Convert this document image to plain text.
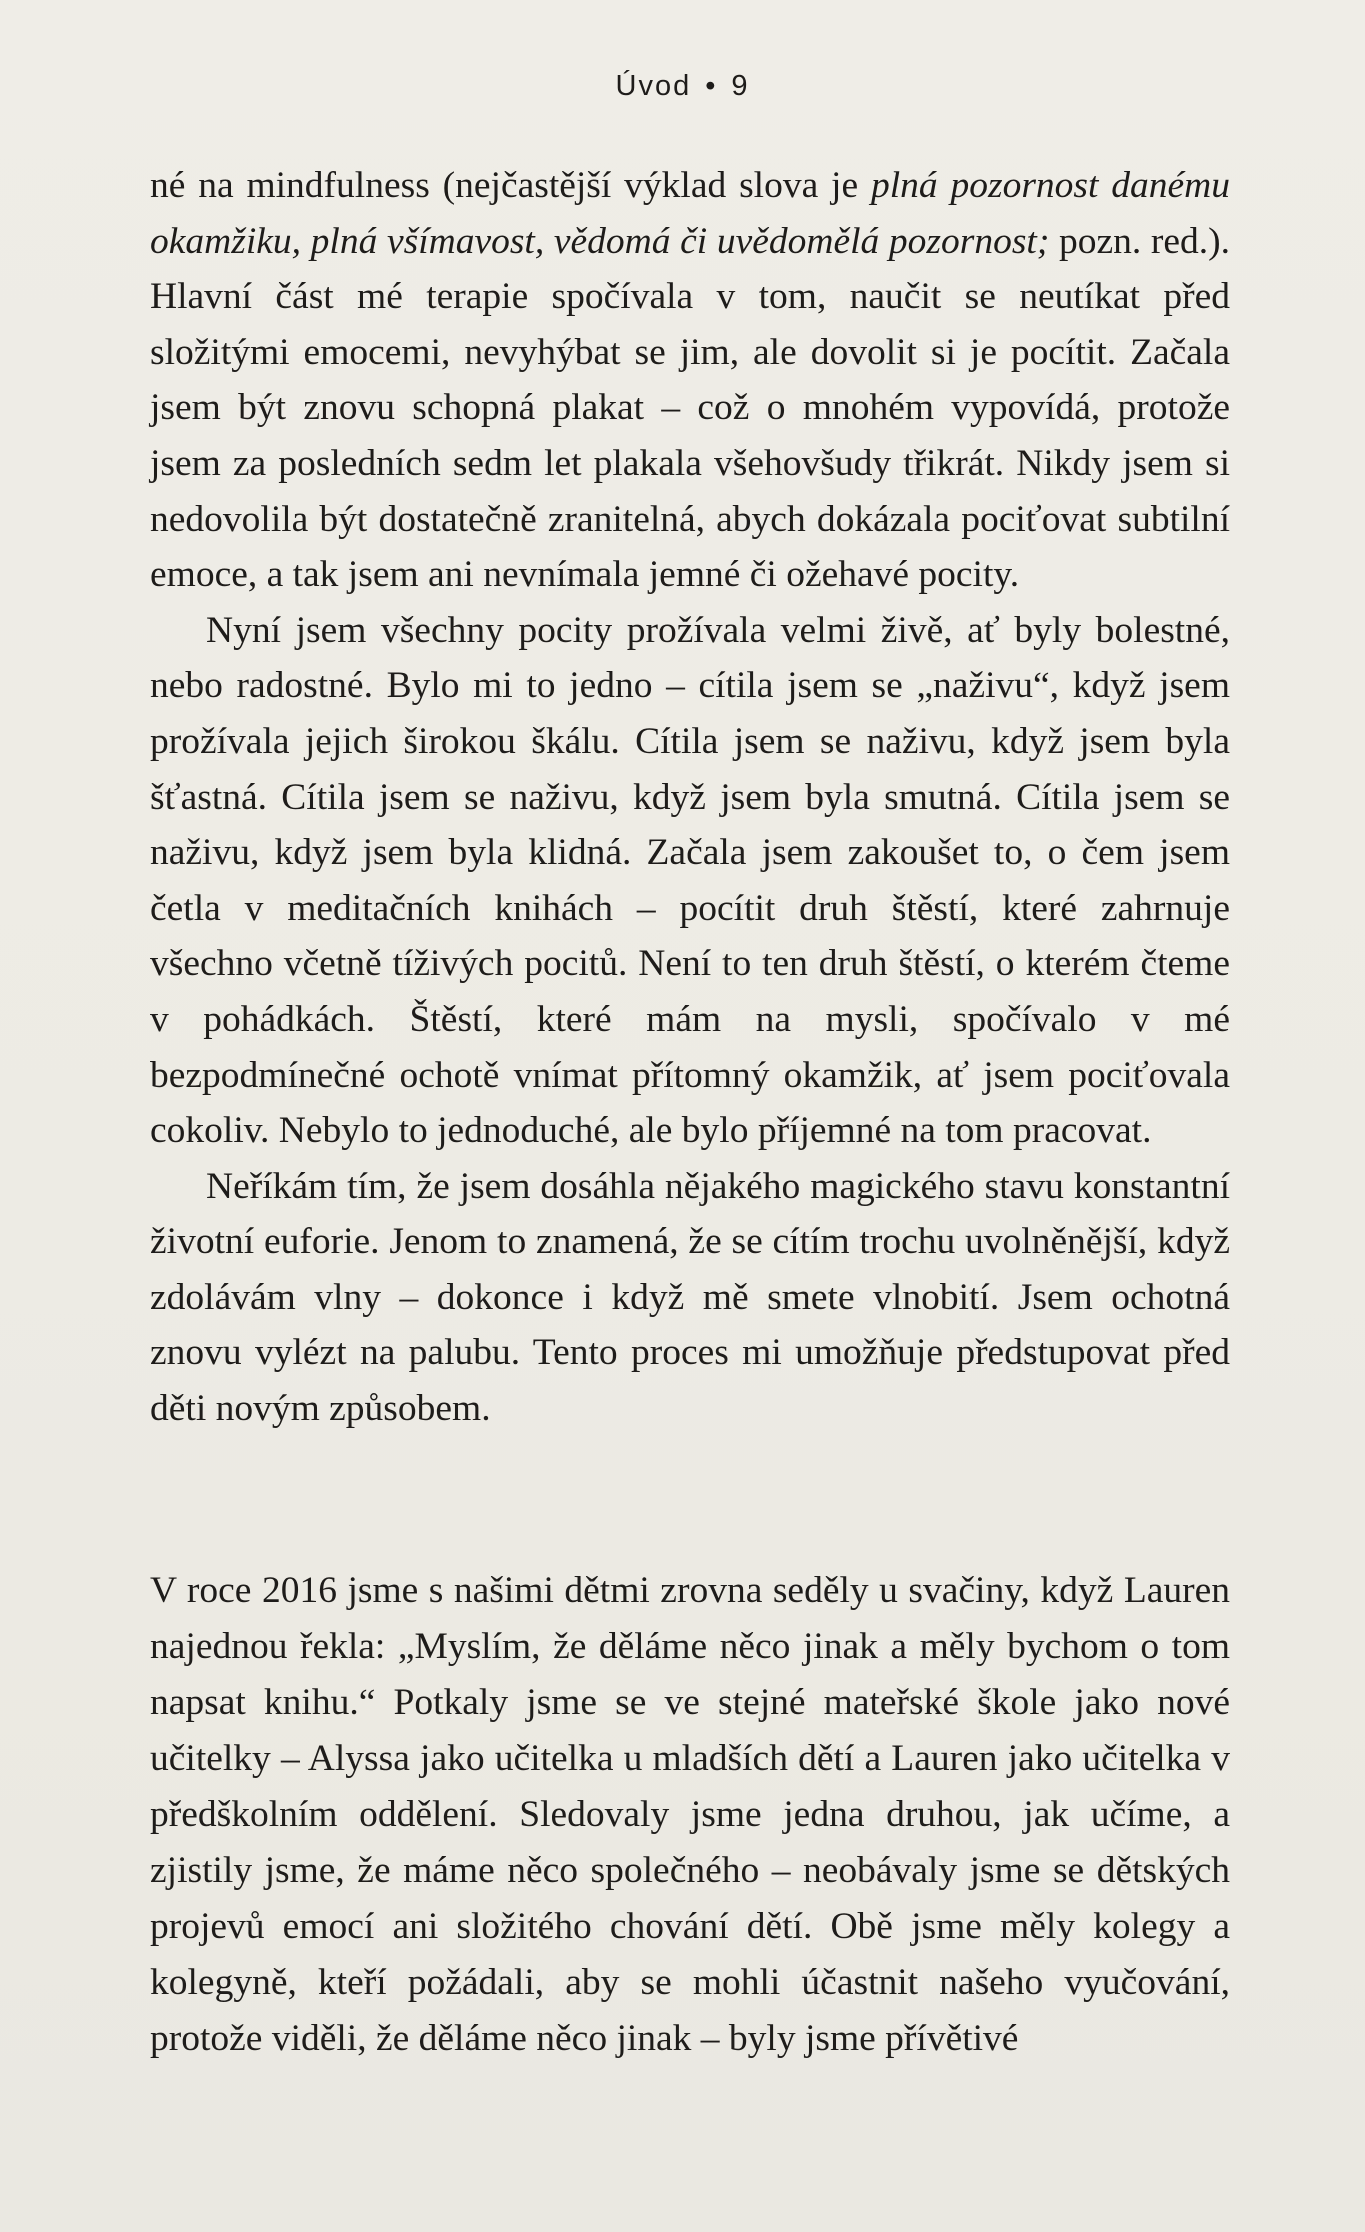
Úvod • 9

né na mindfulness (nejčastější výklad slova je plná pozornost danému okamžiku, plná všímavost, vědomá či uvědomělá pozornost; pozn. red.). Hlavní část mé terapie spočívala v tom, naučit se neutíkat před složitými emocemi, nevyhýbat se jim, ale dovolit si je pocítit. Začala jsem být znovu schopná plakat – což o mnohém vypovídá, protože jsem za posledních sedm let plakala všehovšudy třikrát. Nikdy jsem si nedovolila být dostatečně zranitelná, abych dokázala pociťovat subtilní emoce, a tak jsem ani nevnímala jemné či ožehavé pocity.

Nyní jsem všechny pocity prožívala velmi živě, ať byly bolestné, nebo radostné. Bylo mi to jedno – cítila jsem se „naživu“, když jsem prožívala jejich širokou škálu. Cítila jsem se naživu, když jsem byla šťastná. Cítila jsem se naživu, když jsem byla smutná. Cítila jsem se naživu, když jsem byla klidná. Začala jsem zakoušet to, o čem jsem četla v meditačních knihách – pocítit druh štěstí, které zahrnuje všechno včetně tíživých pocitů. Není to ten druh štěstí, o kterém čteme v pohádkách. Štěstí, které mám na mysli, spočívalo v mé bezpodmínečné ochotě vnímat přítomný okamžik, ať jsem pociťovala cokoliv. Nebylo to jednoduché, ale bylo příjemné na tom pracovat.

Neříkám tím, že jsem dosáhla nějakého magického stavu konstantní životní euforie. Jenom to znamená, že se cítím trochu uvolněnější, když zdolávám vlny – dokonce i když mě smete vlnobití. Jsem ochotná znovu vylézt na palubu. Tento proces mi umožňuje předstupovat před děti novým způsobem.

V roce 2016 jsme s našimi dětmi zrovna seděly u svačiny, když Lauren najednou řekla: „Myslím, že děláme něco jinak a měly bychom o tom napsat knihu.“ Potkaly jsme se ve stejné mateřské škole jako nové učitelky – Alyssa jako učitelka u mladších dětí a Lauren jako učitelka v předškolním oddělení. Sledovaly jsme jedna druhou, jak učíme, a zjistily jsme, že máme něco společného – neobávaly jsme se dětských projevů emocí ani složitého chování dětí. Obě jsme měly kolegy a kolegyně, kteří požádali, aby se mohli účastnit našeho vyučování, protože viděli, že děláme něco jinak – byly jsme přívětivé
